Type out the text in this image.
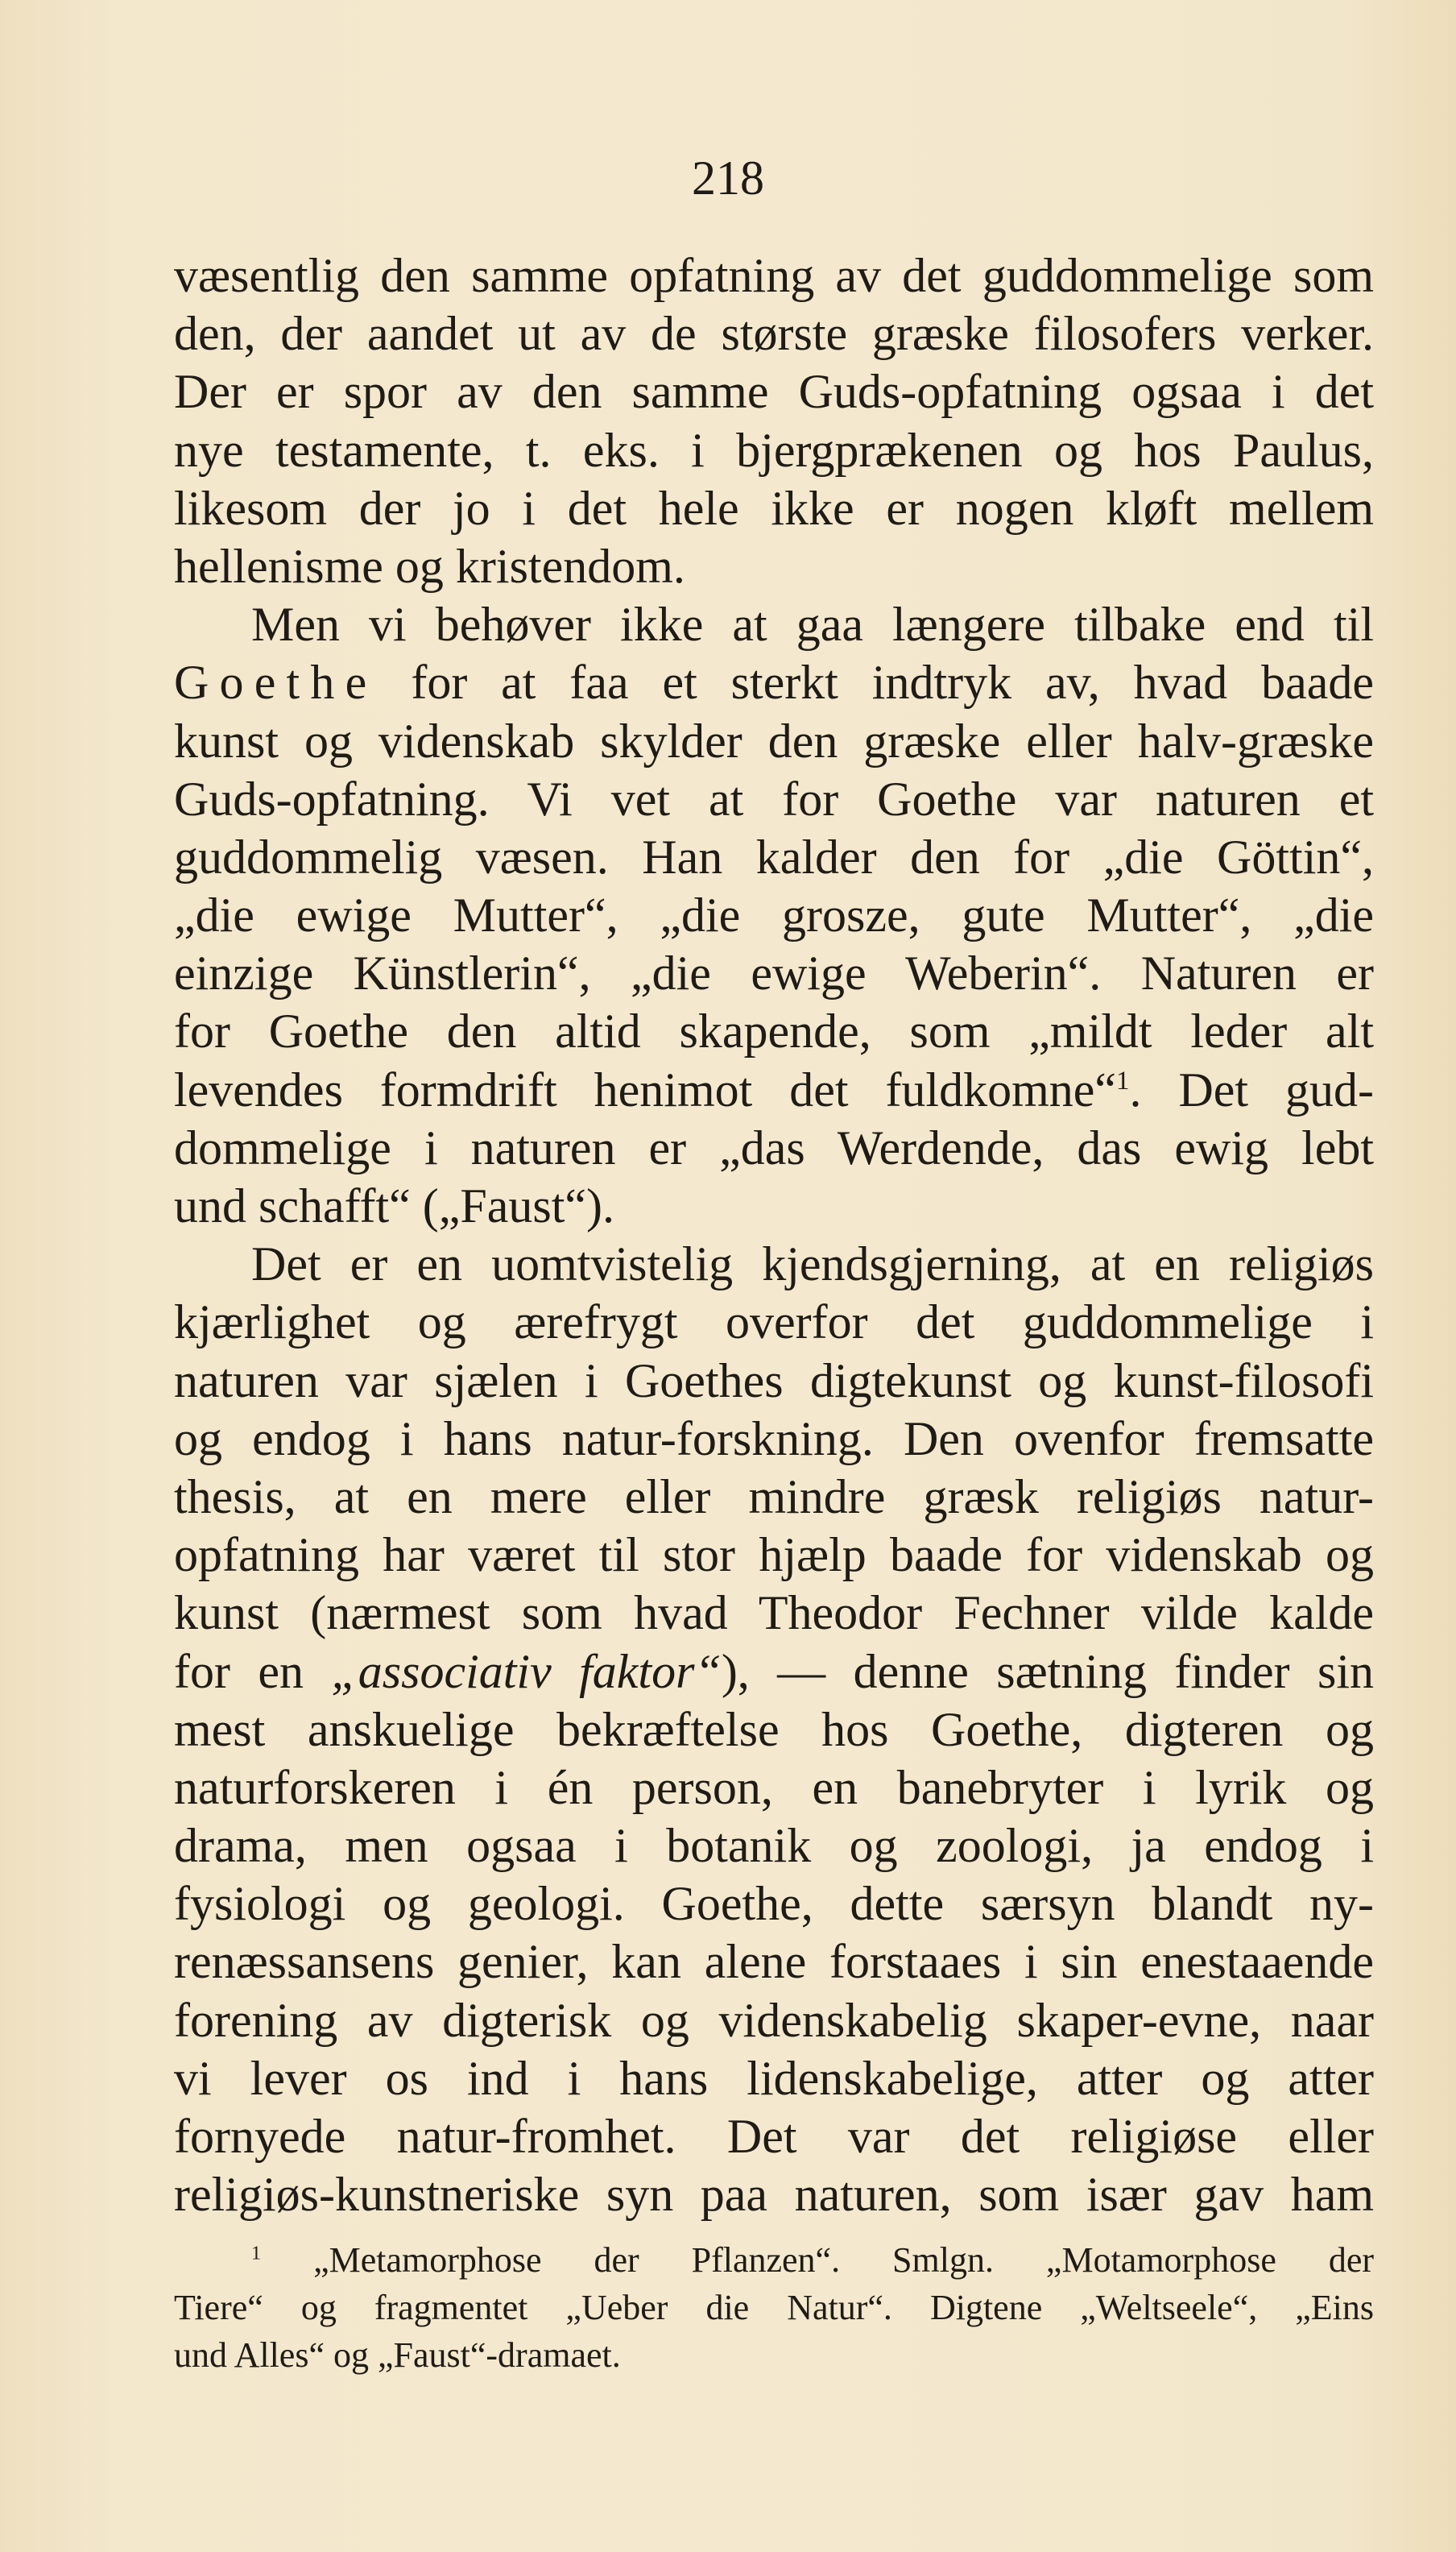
218
væsentlig den samme opfatning av det guddommelige som
den, der aandet ut av de største græske filosofers verker.
Der er spor av den samme Guds-opfatning ogsaa i det
nye testamente, t. eks. i bjergprækenen og hos Paulus,
likesom der jo i det hele ikke er nogen kløft mellem
hellenisme og kristendom.
Men vi behøver ikke at gaa længere tilbake end til
Goethe for at faa et sterkt indtryk av, hvad baade
kunst og videnskab skylder den græske eller halv-græske
Guds-opfatning. Vi vet at for Goethe var naturen et
guddommelig væsen. Han kalder den for „die Göttin“,
„die ewige Mutter“, „die grosze, gute Mutter“, „die
einzige Künstlerin“, „die ewige Weberin“. Naturen er
for Goethe den altid skapende, som „mildt leder alt
levendes formdrift henimot det fuldkomne“$^1$. Det gud-
dommelige i naturen er „das Werdende, das ewig lebt
und schafft“ („Faust“).
Det er en uomtvistelig kjendsgjerning, at en religiøs
kjærlighet og ærefrygt overfor det guddommelige i
naturen var sjælen i Goethes digtekunst og kunst-filosofi
og endog i hans natur-forskning. Den ovenfor fremsatte
thesis, at en mere eller mindre græsk religiøs natur-
opfatning har været til stor hjælp baade for videnskab og
kunst (nærmest som hvad Theodor Fechner vilde kalde
for en „associativ faktor“), — denne sætning finder sin
mest anskuelige bekræftelse hos Goethe, digteren og
naturforskeren i én person, en banebryter i lyrik og
drama, men ogsaa i botanik og zoologi, ja endog i
fysiologi og geologi. Goethe, dette særsyn blandt ny-
renæssansens genier, kan alene forstaaes i sin enestaaende
forening av digterisk og videnskabelig skaper-evne, naar
vi lever os ind i hans lidenskabelige, atter og atter
fornyede natur-fromhet. Det var det religiøse eller
religiøs-kunstneriske syn paa naturen, som især gav ham
$^1$ „Metamorphose der Pflanzen“. Smlgn. „Motamorphose der
Tiere“ og fragmentet „Ueber die Natur“. Digtene „Weltseele“, „Eins
und Alles“ og „Faust“-dramaet.
